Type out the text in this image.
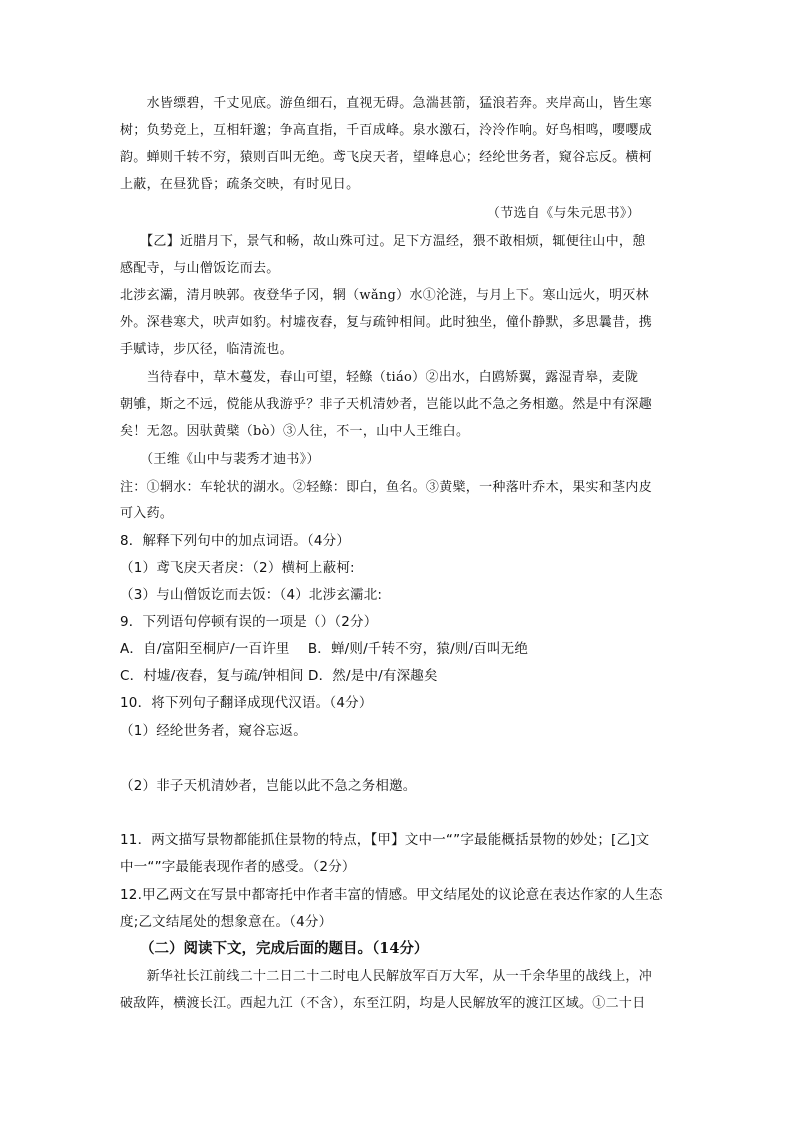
　　水皆缥碧，千丈见底。游鱼细石，直视无碍。急湍甚箭，猛浪若奔。夹岸高山，皆生寒

树；负势竞上，互相轩邈；争高直指，千百成峰。泉水激石，泠泠作响。好鸟相鸣，嘤嘤成

韵。蝉则千转不穷，猿则百叫无绝。鸢飞戾天者，望峰息心；经纶世务者，窥谷忘反。横柯

上蔽，在昼犹昏；疏条交映，有时见日。

（节选自《与朱元思书》）

　　【乙】近腊月下，景气和畅，故山殊可过。足下方温经，猥不敢相烦，辄便往山中，憩

感配寺，与山僧饭讫而去。

北涉玄灞，清月映郭。夜登华子冈，辋（wǎng）水①沦涟，与月上下。寒山远火，明灭林

外。深巷寒犬，吠声如豹。村墟夜舂，复与疏钟相间。此时独坐，僮仆静默，多思曩昔，携

手赋诗，步仄径，临清流也。

　　当待春中，草木蔓发，春山可望，轻鲦（tiáo）②出水，白鸥矫翼，露湿青皋，麦陇

朝雊，斯之不远，傥能从我游乎？非子天机清妙者，岂能以此不急之务相邀。然是中有深趣

矣！无忽。因驮黄檗（bò）③人往，不一，山中人王维白。

　　（王维《山中与裴秀才迪书》）

注：①辋水：车轮状的湖水。②轻鲦：即白，鱼名。③黄檗，一种落叶乔木，果实和茎内皮

可入药。

8．解释下列句中的加点词语。（4分）

（1）鸢飞戾天者戾：（2）横柯上蔽柯:

（3）与山僧饭讫而去饭：（4）北涉玄灞北:

9．下列语句停顿有误的一项是（）（2分）

A．自/富阳至桐庐/一百许里　 B．蝉/则/千转不穷，猿/则/百叫无绝

C．村墟/夜舂，复与疏/钟相间 D．然/是中/有深趣矣

10．将下列句子翻译成现代汉语。（4分）

（1）经纶世务者，窥谷忘返。

（2）非子天机清妙者，岂能以此不急之务相邀。

11．两文描写景物都能抓住景物的特点，【甲】文中一“”字最能概括景物的妙处；[乙]文

中一“”字最能表现作者的感受。（2分）

12.甲乙两文在写景中都寄托中作者丰富的情感。甲文结尾处的议论意在表达作家的人生态

度;乙文结尾处的想象意在。（4分）

（二）阅读下文，完成后面的题目。（14分）

　　新华社长江前线二十二日二十二时电人民解放军百万大军，从一千余华里的战线上，冲

破敌阵，横渡长江。西起九江（不含），东至江阴，均是人民解放军的渡江区域。①二十日
